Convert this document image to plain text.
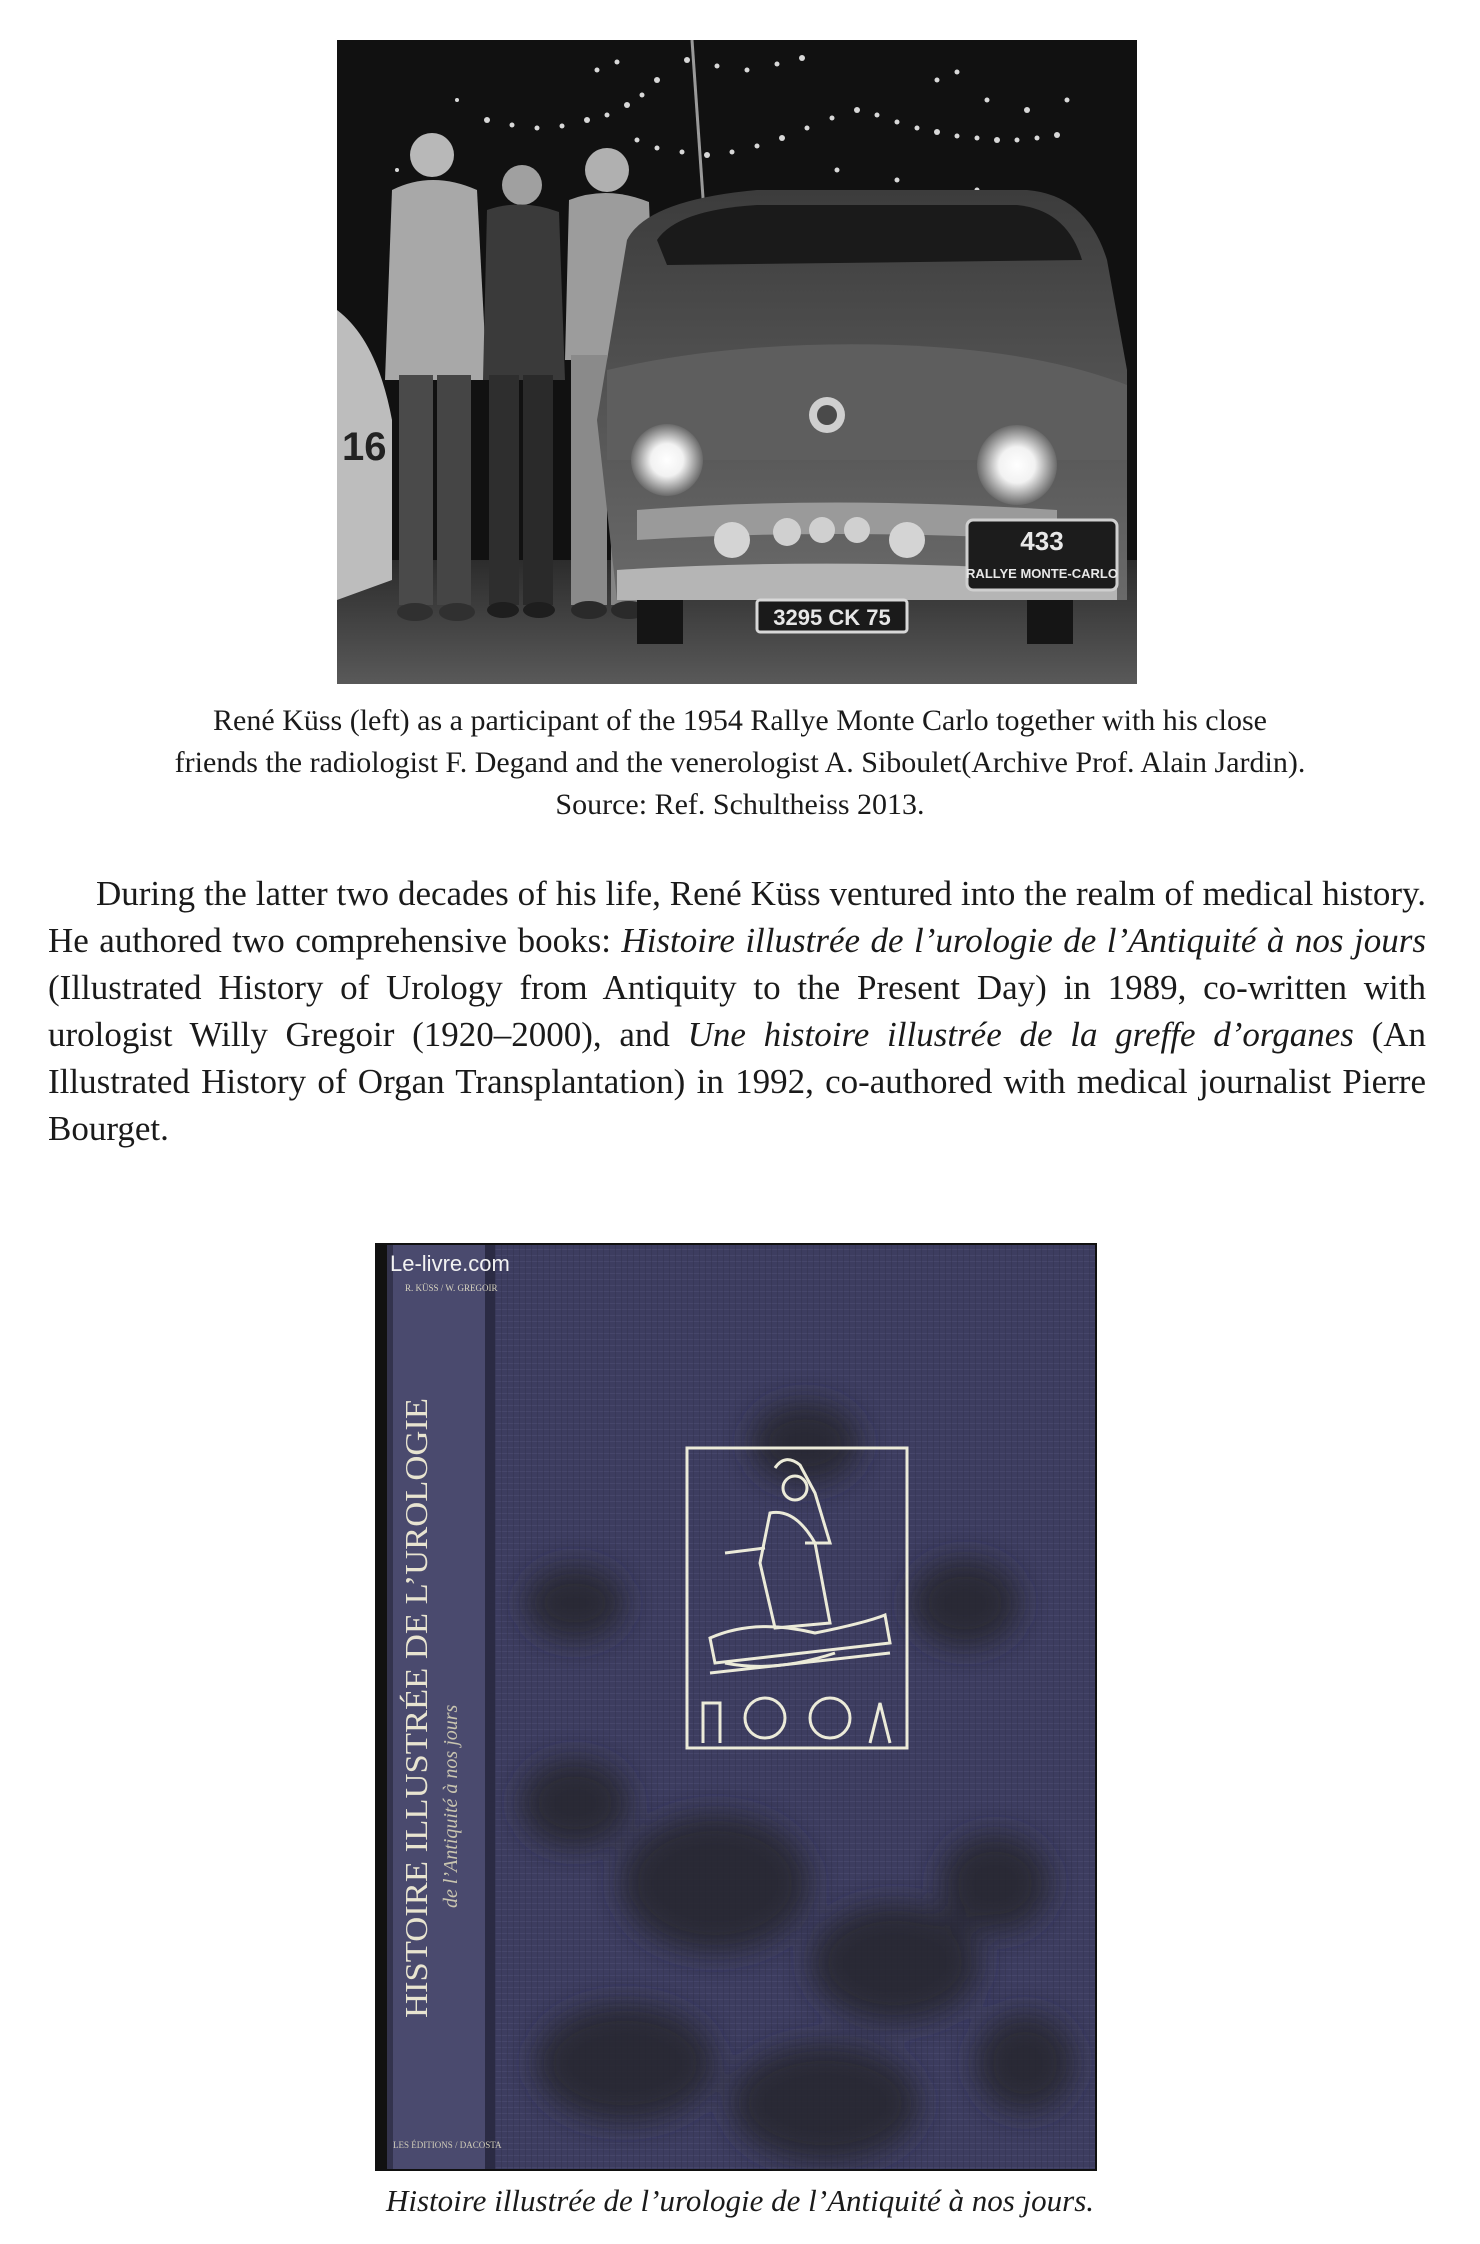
16
433
RALLYE MONTE-CARLO
3295 CK 75
René Küss (left) as a participant of the 1954 Rallye Monte Carlo together with his close
friends the radiologist F. Degand and the venerologist A. Siboulet(Archive Prof. Alain Jardin).
Source: Ref. Schultheiss 2013.

During the latter two decades of his life, René Küss ventured into the realm of medical history. He authored two comprehensive books: Histoire illustrée de l’urologie de l’Antiquité à nos jours (Illustrated History of Urology from Antiquity to the Present Day) in 1989, co-written with urologist Willy Gregoir (1920–2000), and Une histoire illustrée de la greffe d’organes (An Illustrated History of Organ Transplantation) in 1992, co-authored with medical journalist Pierre Bourget.

Le-livre.com
R. KÜSS / W. GREGOIR
HISTOIRE ILLUSTRÉE DE L’UROLOGIE de l’Antiquité à nos jours
LES ÉDITIONS / DACOSTA
Histoire illustrée de l’urologie de l’Antiquité à nos jours.
